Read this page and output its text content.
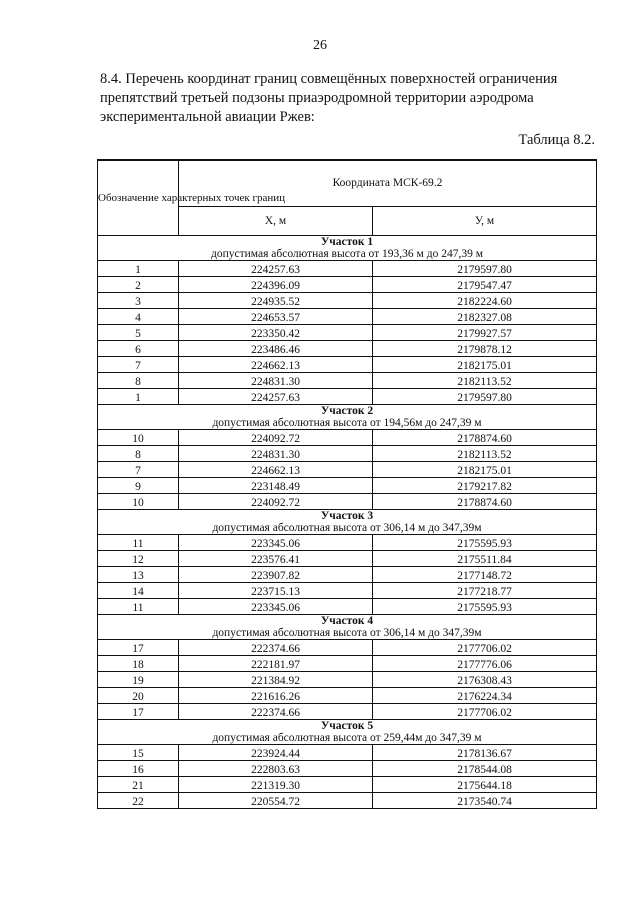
26
8.4. Перечень координат границ совмещённых поверхностей ограничения препятствий третьей подзоны приаэродромной территории аэродрома экспериментальной авиации Ржев:
Таблица 8.2.
Обозначение характерных точек границ	Координата МСК-69.2	
	Х, м	У, м
Участок 1		
допустимая абсолютная высота от 193,36 м до 247,39 м		
1	224257.63	2179597.80
2	224396.09	2179547.47
3	224935.52	2182224.60
4	224653.57	2182327.08
5	223350.42	2179927.57
6	223486.46	2179878.12
7	224662.13	2182175.01
8	224831.30	2182113.52
1	224257.63	2179597.80
Участок 2		
допустимая абсолютная высота от 194,56м до 247,39 м		
10	224092.72	2178874.60
8	224831.30	2182113.52
7	224662.13	2182175.01
9	223148.49	2179217.82
10	224092.72	2178874.60
Участок 3		
допустимая абсолютная высота от 306,14 м до 347,39м		
11	223345.06	2175595.93
12	223576.41	2175511.84
13	223907.82	2177148.72
14	223715.13	2177218.77
11	223345.06	2175595.93
Участок 4		
допустимая абсолютная высота от 306,14 м до 347,39м		
17	222374.66	2177706.02
18	222181.97	2177776.06
19	221384.92	2176308.43
20	221616.26	2176224.34
17	222374.66	2177706.02
Участок 5		
допустимая абсолютная высота от 259,44м до 347,39 м		
15	223924.44	2178136.67
16	222803.63	2178544.08
21	221319.30	2175644.18
22	220554.72	2173540.74
